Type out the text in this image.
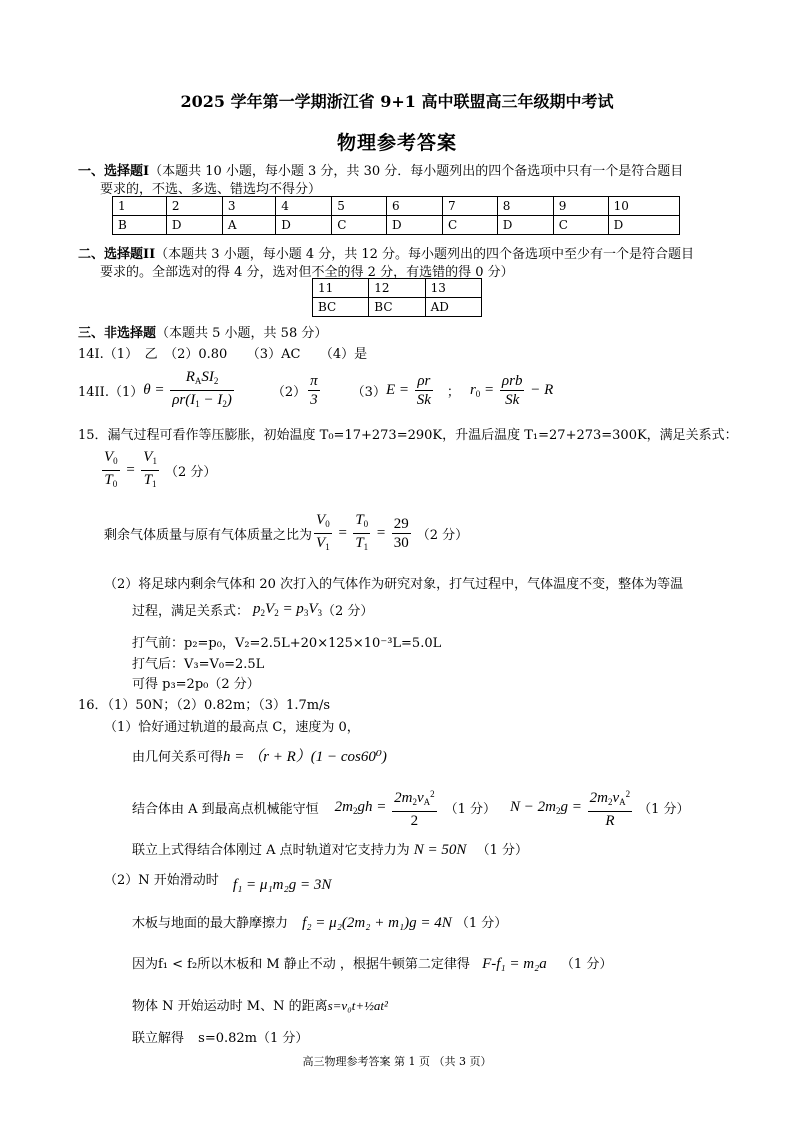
2025 学年第一学期浙江省 9+1 高中联盟高三年级期中考试
物理参考答案
一、选择题I（本题共 10 小题，每小题 3 分，共 30 分．每小题列出的四个备选项中只有一个是符合题目
要求的，不选、多选、错选均不得分）
1	2	3	4	5	6	7	8	9	10
B	D	A	D	C	D	C	D	C	D
二、选择题II（本题共 3 小题，每小题 4 分，共 12 分。每小题列出的四个备选项中至少有一个是符合题目
要求的。全部选对的得 4 分，选对但不全的得 2 分，有选错的得 0 分）
11	12	13
BC	BC	AD
三、非选择题（本题共 5 小题，共 58 分）
14I.（1）　乙　（2）0.80　　（3）AC　　（4）是
14II.（1） $\theta = \frac{R_ASI_2}{\rho r(I_1 - I_2)}$	$(2) \frac{\pi}{3} (3) E = \frac{\rho r}{Sk}$ ； $r_0 = \frac{\text{ρrb}}{Sk} - R$
15．漏气过程可看作等压膨胀，初始温度 T₀=17+273=290K，升温后温度 T₁=27+273=300K，满足关系式：
$\frac{V_0}{T_0} = \frac{V_1}{T_1} (2$ 分）
剩余气体质量与原有气体质量之比为 $\frac{V_0}{V_1} = \frac{T_0}{T_1} = \frac{29}{30} (2$ 分）
（2）将足球内剩余气体和 20 次打入的气体作为研究对象，打气过程中，气体温度不变，整体为等温
过程，满足关系式： $p_2V_2 = p_3V_3$ （2 分）
打气前：p₂=p₀，V₂=2.5L+20×125×10⁻³L=5.0L
打气后：V₃=V₀=2.5L
可得 p₃=2p₀（2 分）
16．（1）50N；（2）0.82m；（3）1.7m/s
（1）恰好通过轨道的最高点 C，速度为 0，
由几何关系可得h = （r + R）(1 − cos60⁰)
结合体由 A 到最高点机械能守恒 $2m_2gh = \frac{2m_2v_A^2}{2} (1$ 分） $N - 2m_2g = \frac{2m_2v_A^2}{R} (1$ 分）
联立上式得结合体刚过 A 点时轨道对它支持力为 N = 50N （1 分）
（2）N 开始滑动时 f₁ = μ₁m₂g = 3N
木板与地面的最大静摩擦力 f₂ = μ₂(2m₂ + m₁)g = 4N （1 分）
因为f₁ < f₂所以木板和 M 静止不动 ，根据牛顿第二定律得 F-f₁ = m₂a （1 分）
物体 N 开始运动时 M、N 的距离s=v₀t+½at²
联立解得 s=0.82m（1 分）
高三物理参考答案 第 1 页 （共 3 页）
